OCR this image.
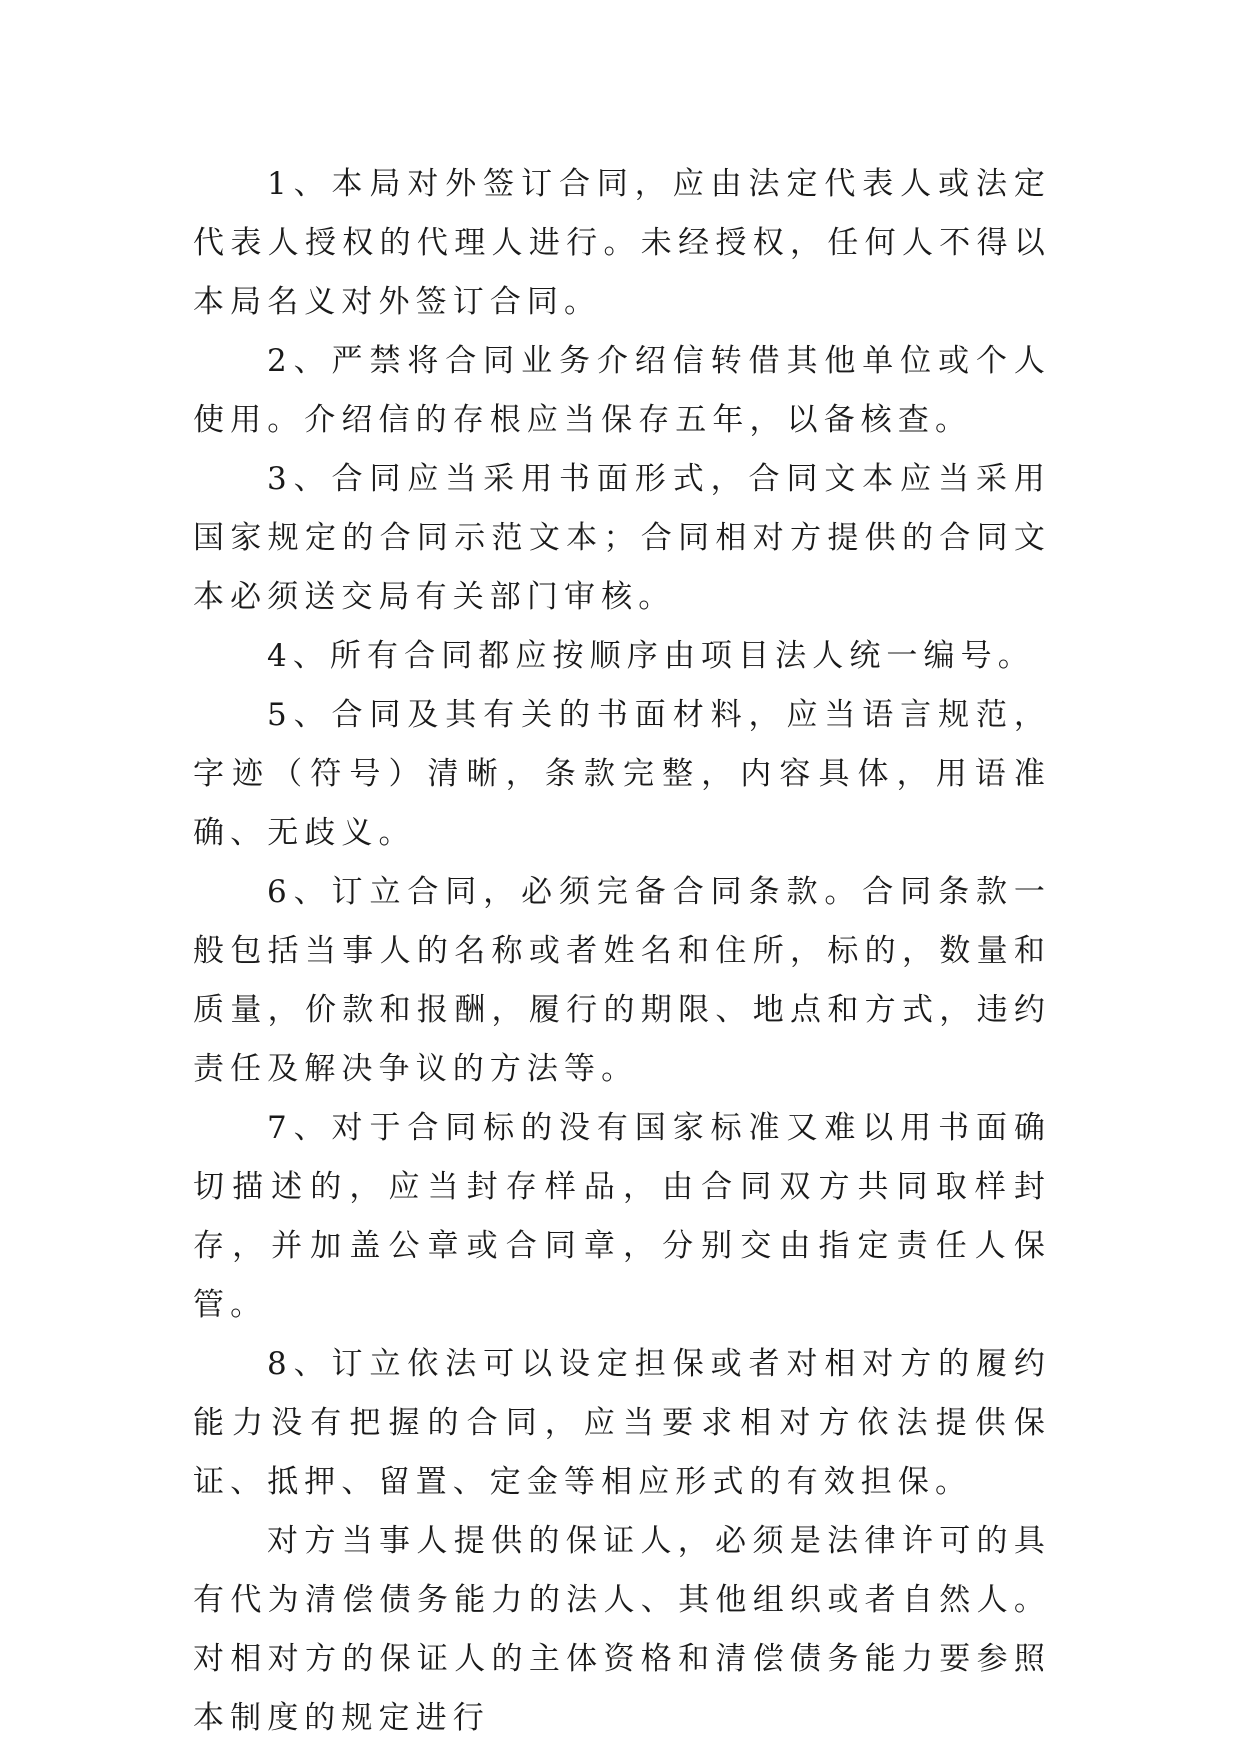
1、本局对外签订合同，应由法定代表人或法定代表人授权的代理人进行。未经授权，任何人不得以本局名义对外签订合同。

2、严禁将合同业务介绍信转借其他单位或个人使用。介绍信的存根应当保存五年，以备核查。

3、合同应当采用书面形式，合同文本应当采用国家规定的合同示范文本；合同相对方提供的合同文本必须送交局有关部门审核。

4、所有合同都应按顺序由项目法人统一编号。

5、合同及其有关的书面材料，应当语言规范，字迹（符号）清晰，条款完整，内容具体，用语准确、无歧义。

6、订立合同，必须完备合同条款。合同条款一般包括当事人的名称或者姓名和住所，标的，数量和质量，价款和报酬，履行的期限、地点和方式，违约责任及解决争议的方法等。

7、对于合同标的没有国家标准又难以用书面确切描述的，应当封存样品，由合同双方共同取样封存，并加盖公章或合同章，分别交由指定责任人保管。

8、订立依法可以设定担保或者对相对方的履约能力没有把握的合同，应当要求相对方依法提供保证、抵押、留置、定金等相应形式的有效担保。

对方当事人提供的保证人，必须是法律许可的具有代为清偿债务能力的法人、其他组织或者自然人。对相对方的保证人的主体资格和清偿债务能力要参照本制度的规定进行
